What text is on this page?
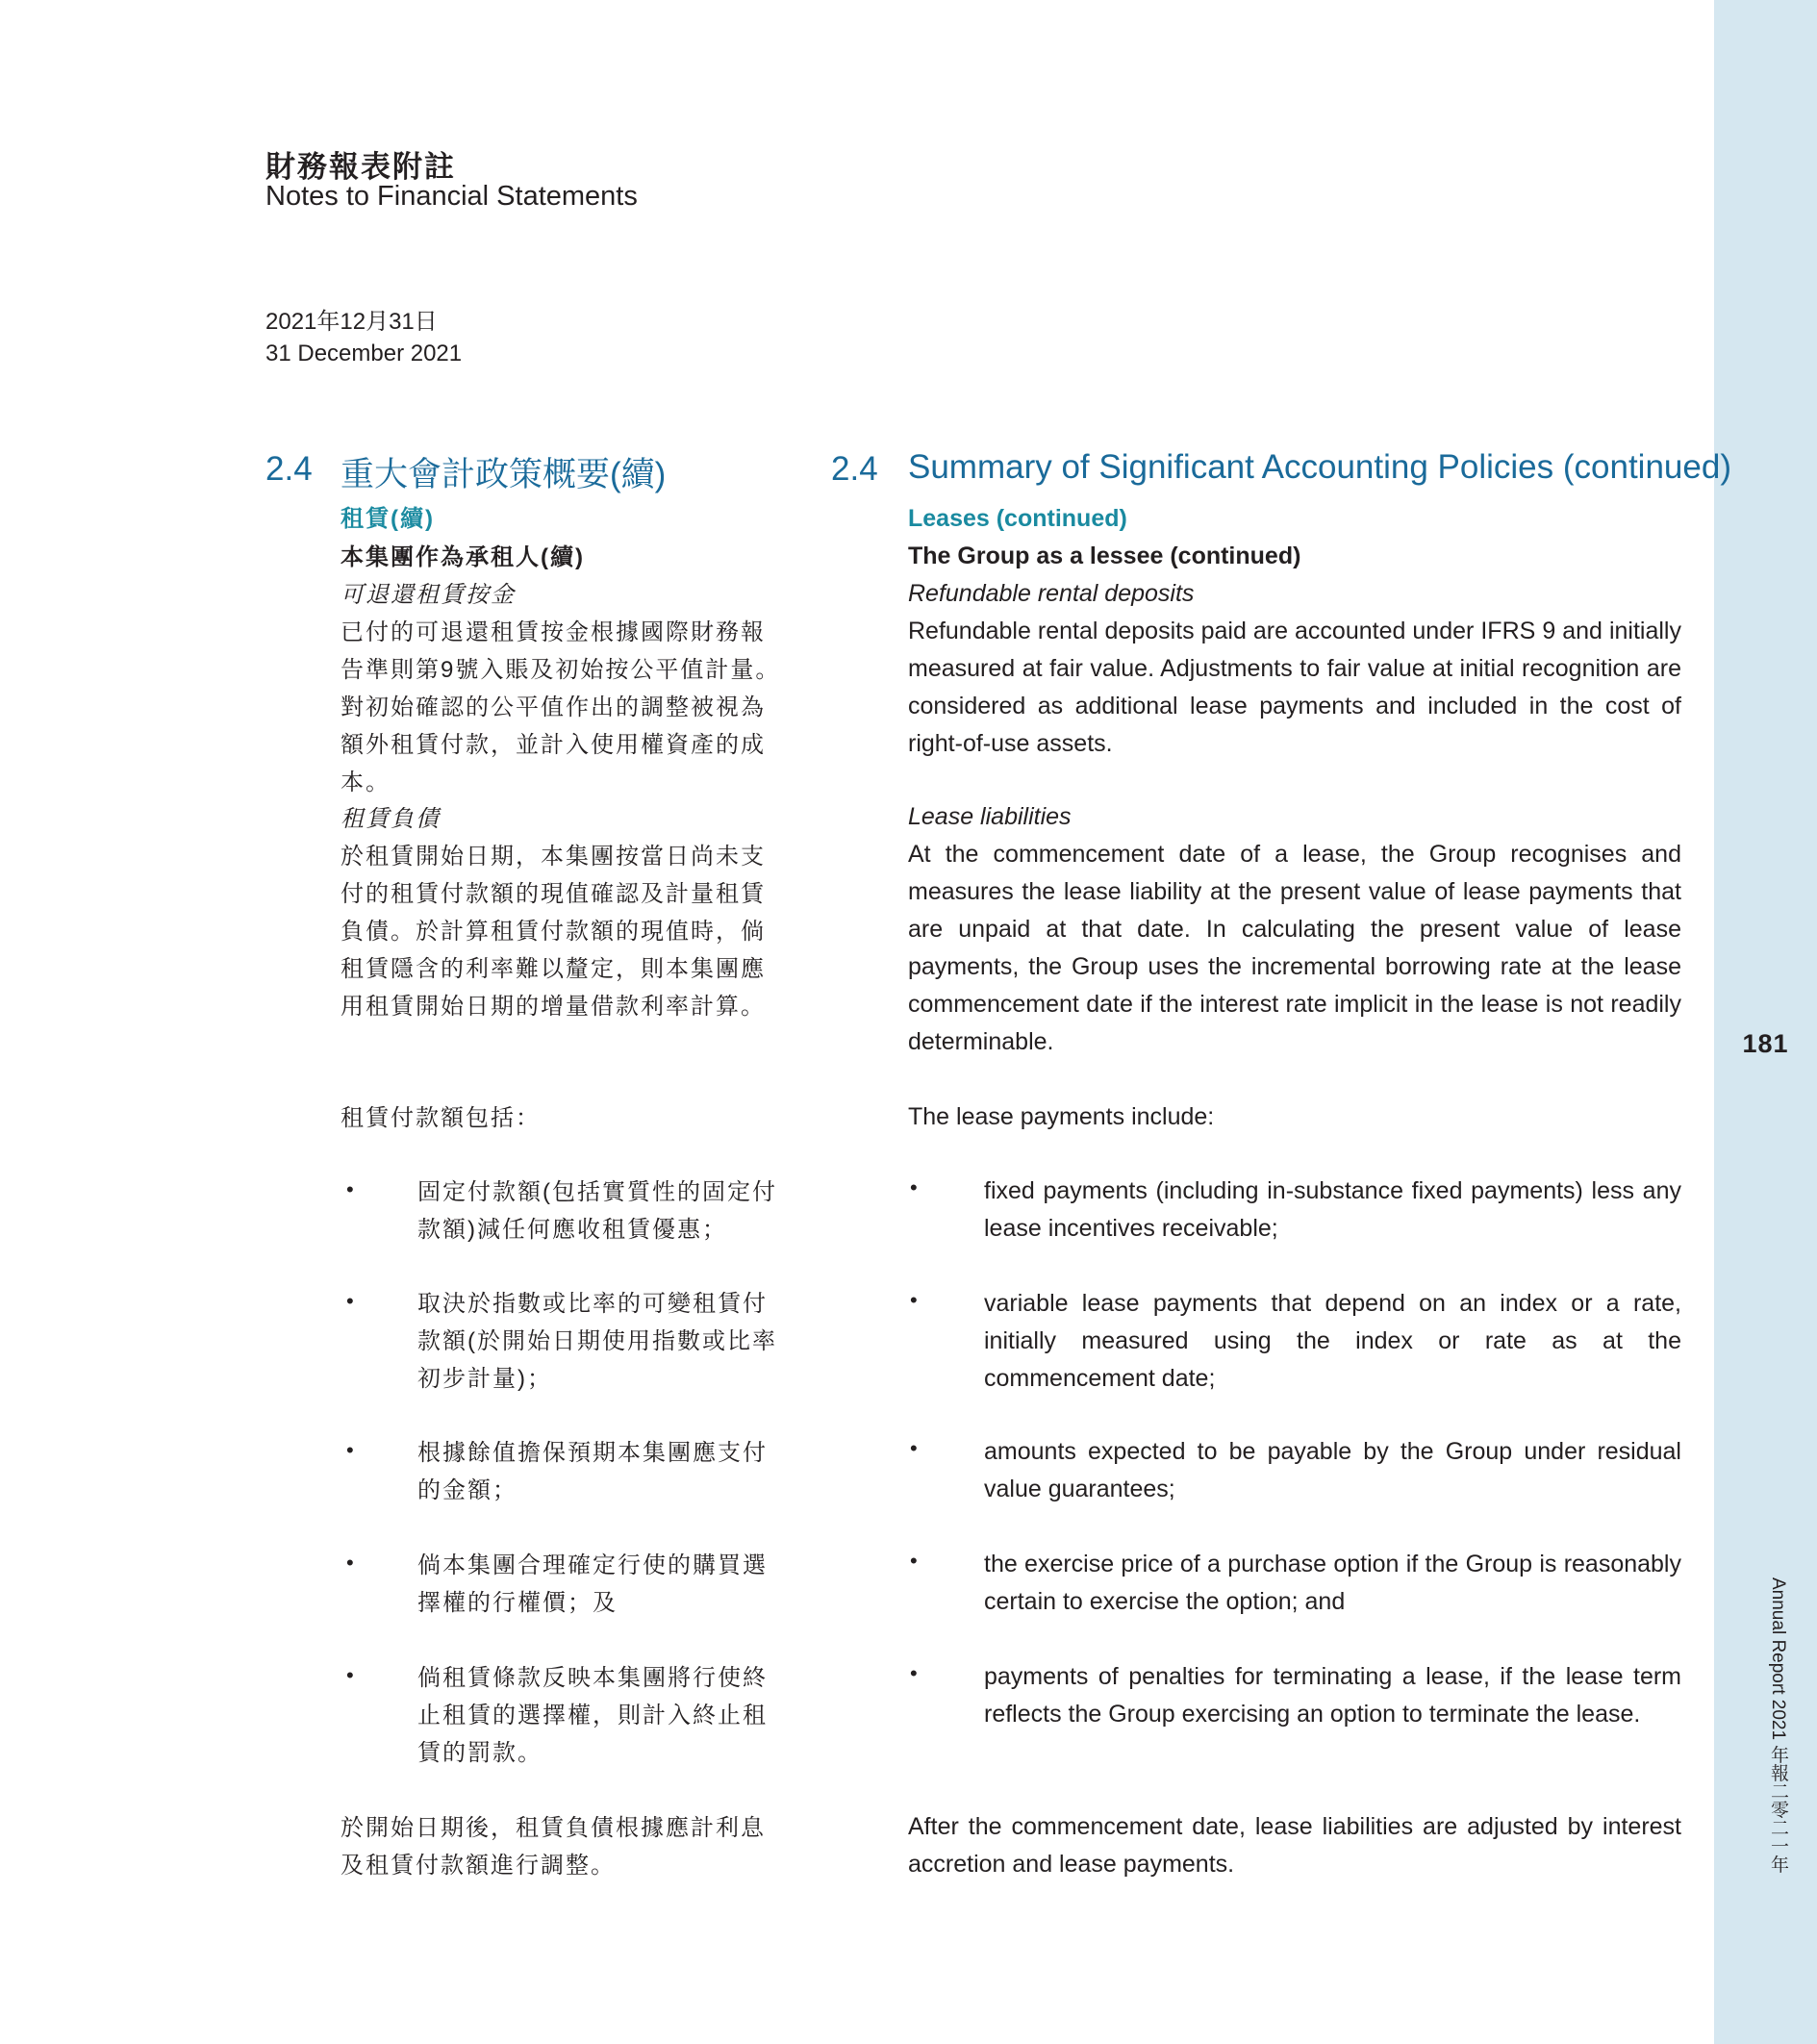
181
Annual Report 2021 年報二零二一年
財務報表附註
Notes to Financial Statements
2021年12月31日
31 December 2021
2.4 重大會計政策概要(續)	2.4 Summary of Significant Accounting Policies (continued)
租賃(續)
本集團作為承租人(續)
可退還租賃按金
已付的可退還租賃按金根據國際財務報告準則第9號入賬及初始按公平值計量。對初始確認的公平值作出的調整被視為額外租賃付款，並計入使用權資產的成本。
租賃負債
於租賃開始日期，本集團按當日尚未支付的租賃付款額的現值確認及計量租賃負債。於計算租賃付款額的現值時，倘租賃隱含的利率難以釐定，則本集團應用租賃開始日期的增量借款利率計算。
租賃付款額包括：
•	固定付款額(包括實質性的固定付款額)減任何應收租賃優惠；
•	取決於指數或比率的可變租賃付款額(於開始日期使用指數或比率初步計量)；
•	根據餘值擔保預期本集團應支付的金額；
•	倘本集團合理確定行使的購買選擇權的行權價；及
•	倘租賃條款反映本集團將行使終止租賃的選擇權，則計入終止租賃的罰款。
於開始日期後，租賃負債根據應計利息及租賃付款額進行調整。
Leases (continued)
The Group as a lessee (continued)
Refundable rental deposits
Refundable rental deposits paid are accounted under IFRS 9 and initially measured at fair value. Adjustments to fair value at initial recognition are considered as additional lease payments and included in the cost of right-of-use assets.
Lease liabilities
At the commencement date of a lease, the Group recognises and measures the lease liability at the present value of lease payments that are unpaid at that date. In calculating the present value of lease payments, the Group uses the incremental borrowing rate at the lease commencement date if the interest rate implicit in the lease is not readily determinable.
The lease payments include:
•	fixed payments (including in-substance fixed payments) less any lease incentives receivable;
•	variable lease payments that depend on an index or a rate, initially measured using the index or rate as at the commencement date;
•	amounts expected to be payable by the Group under residual value guarantees;
•	the exercise price of a purchase option if the Group is reasonably certain to exercise the option; and
•	payments of penalties for terminating a lease, if the lease term reflects the Group exercising an option to terminate the lease.
After the commencement date, lease liabilities are adjusted by interest accretion and lease payments.
